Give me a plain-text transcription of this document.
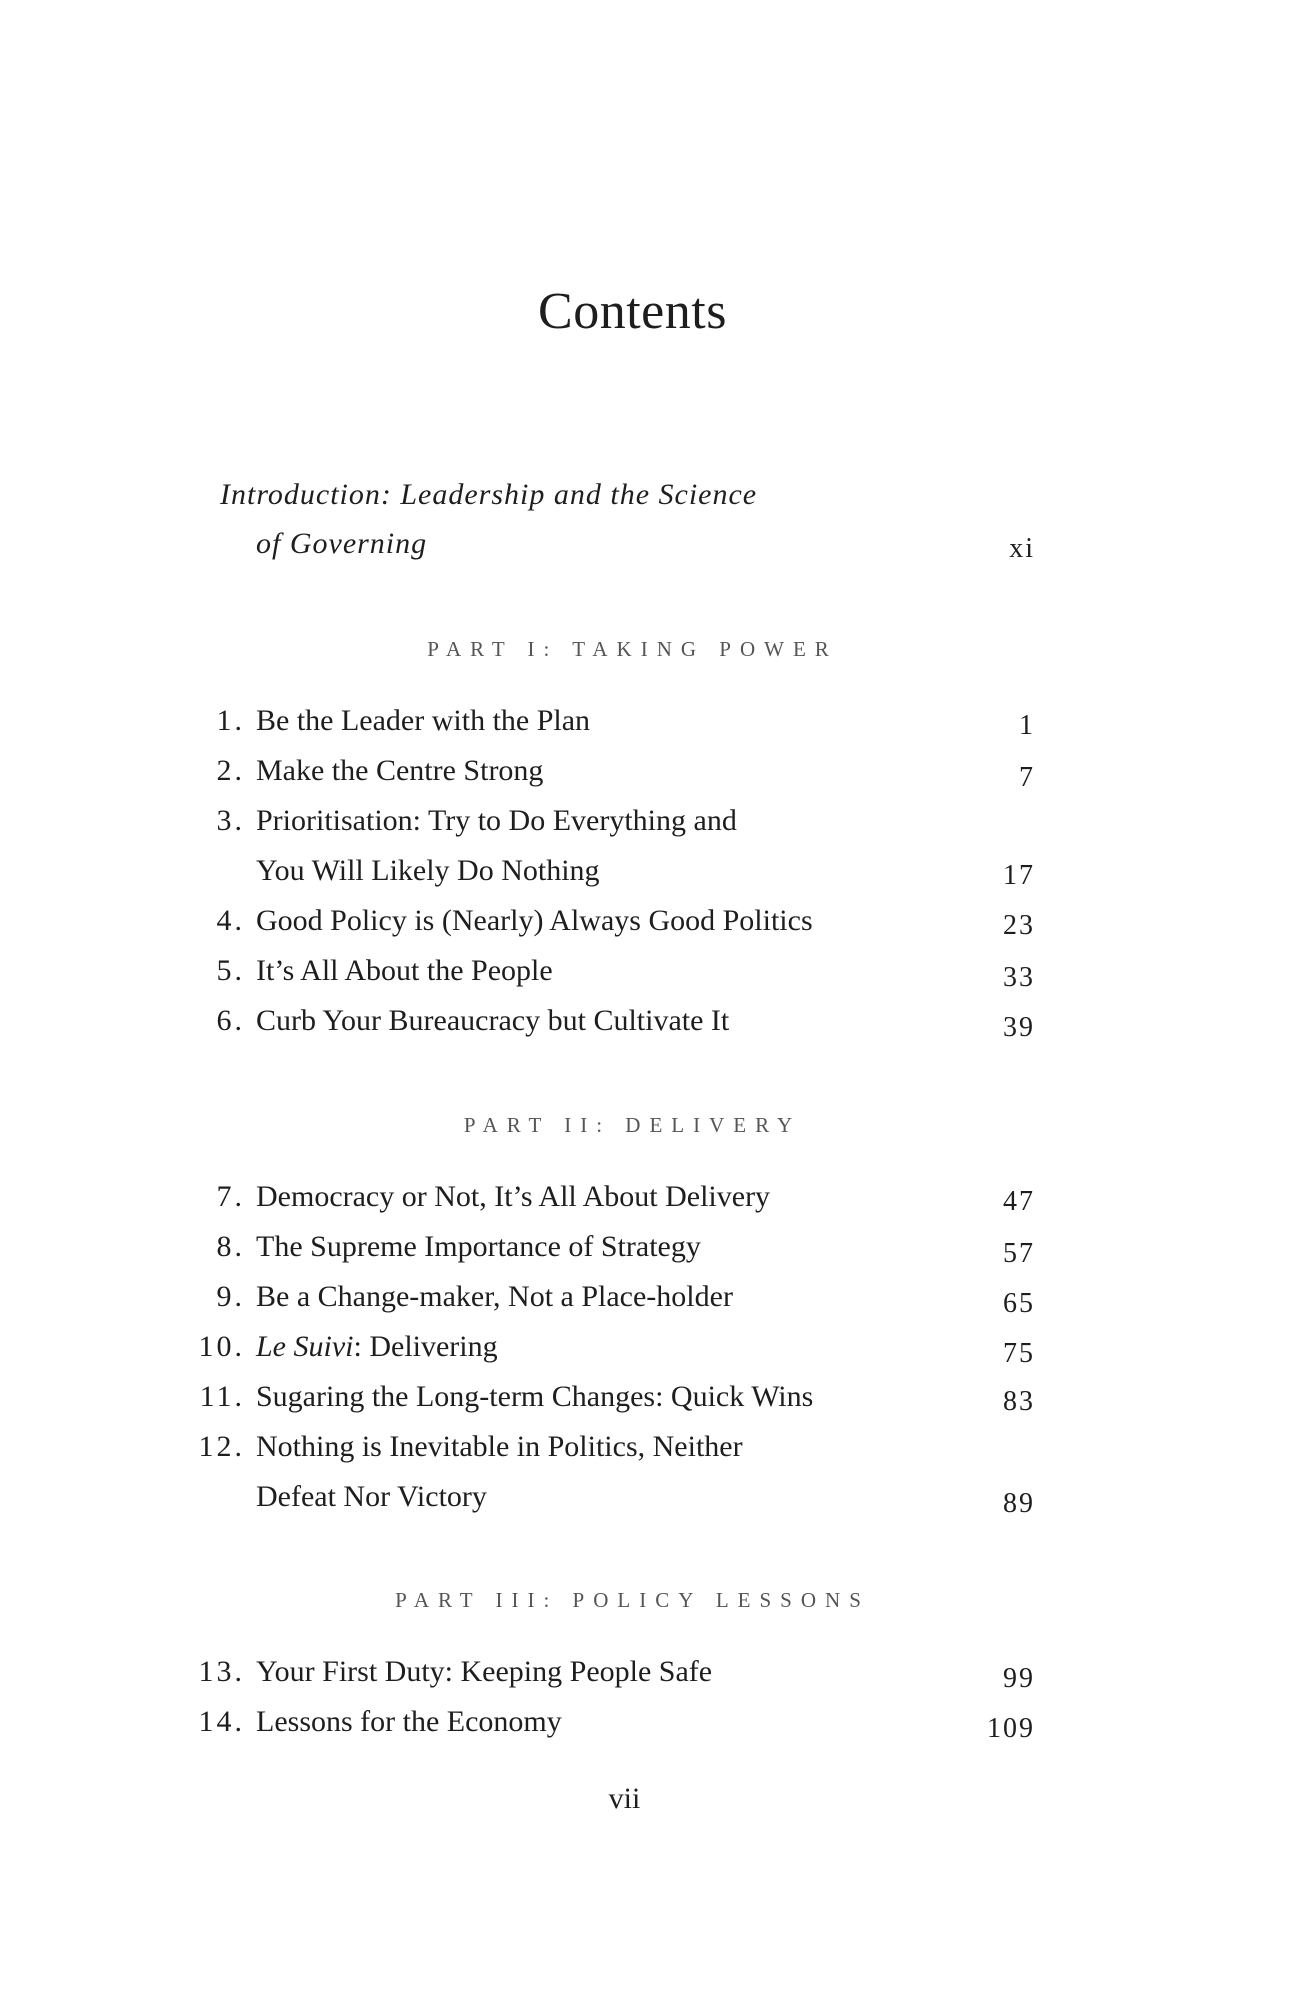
Contents
Introduction: Leadership and the Science
of Governing	xi
PART I: TAKING POWER
1. Be the Leader with the Plan	1
2. Make the Centre Strong	7
3. Prioritisation: Try to Do Everything and
You Will Likely Do Nothing	17
4. Good Policy is (Nearly) Always Good Politics	23
5. It’s All About the People	33
6. Curb Your Bureaucracy but Cultivate It	39
PART II: DELIVERY
7. Democracy or Not, It’s All About Delivery	47
8. The Supreme Importance of Strategy	57
9. Be a Change-maker, Not a Place-holder	65
10. Le Suivi: Delivering	75
11. Sugaring the Long-term Changes: Quick Wins	83
12. Nothing is Inevitable in Politics, Neither
Defeat Nor Victory	89
PART III: POLICY LESSONS
13. Your First Duty: Keeping People Safe	99
14. Lessons for the Economy	109
vii
